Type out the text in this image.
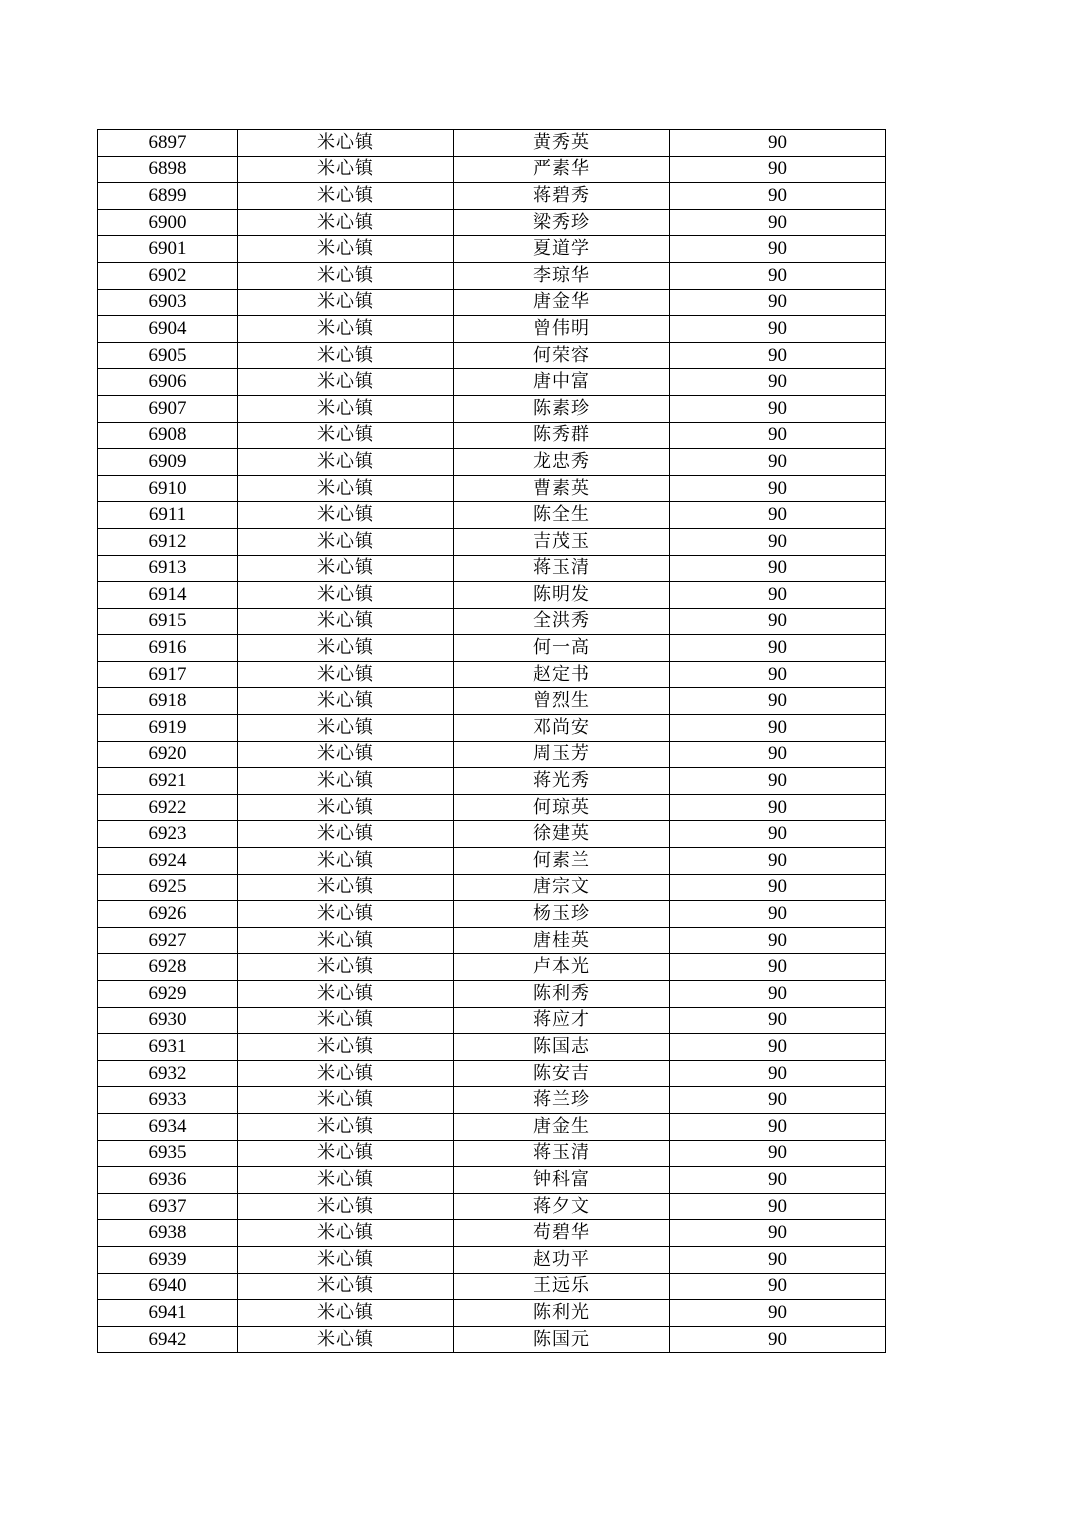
6897	米心镇	黄秀英	90
6898	米心镇	严素华	90
6899	米心镇	蒋碧秀	90
6900	米心镇	梁秀珍	90
6901	米心镇	夏道学	90
6902	米心镇	李琼华	90
6903	米心镇	唐金华	90
6904	米心镇	曾伟明	90
6905	米心镇	何荣容	90
6906	米心镇	唐中富	90
6907	米心镇	陈素珍	90
6908	米心镇	陈秀群	90
6909	米心镇	龙忠秀	90
6910	米心镇	曹素英	90
6911	米心镇	陈全生	90
6912	米心镇	吉茂玉	90
6913	米心镇	蒋玉清	90
6914	米心镇	陈明发	90
6915	米心镇	全洪秀	90
6916	米心镇	何一高	90
6917	米心镇	赵定书	90
6918	米心镇	曾烈生	90
6919	米心镇	邓尚安	90
6920	米心镇	周玉芳	90
6921	米心镇	蒋光秀	90
6922	米心镇	何琼英	90
6923	米心镇	徐建英	90
6924	米心镇	何素兰	90
6925	米心镇	唐宗文	90
6926	米心镇	杨玉珍	90
6927	米心镇	唐桂英	90
6928	米心镇	卢本光	90
6929	米心镇	陈利秀	90
6930	米心镇	蒋应才	90
6931	米心镇	陈国志	90
6932	米心镇	陈安吉	90
6933	米心镇	蒋兰珍	90
6934	米心镇	唐金生	90
6935	米心镇	蒋玉清	90
6936	米心镇	钟科富	90
6937	米心镇	蒋夕文	90
6938	米心镇	苟碧华	90
6939	米心镇	赵功平	90
6940	米心镇	王远乐	90
6941	米心镇	陈利光	90
6942	米心镇	陈国元	90
